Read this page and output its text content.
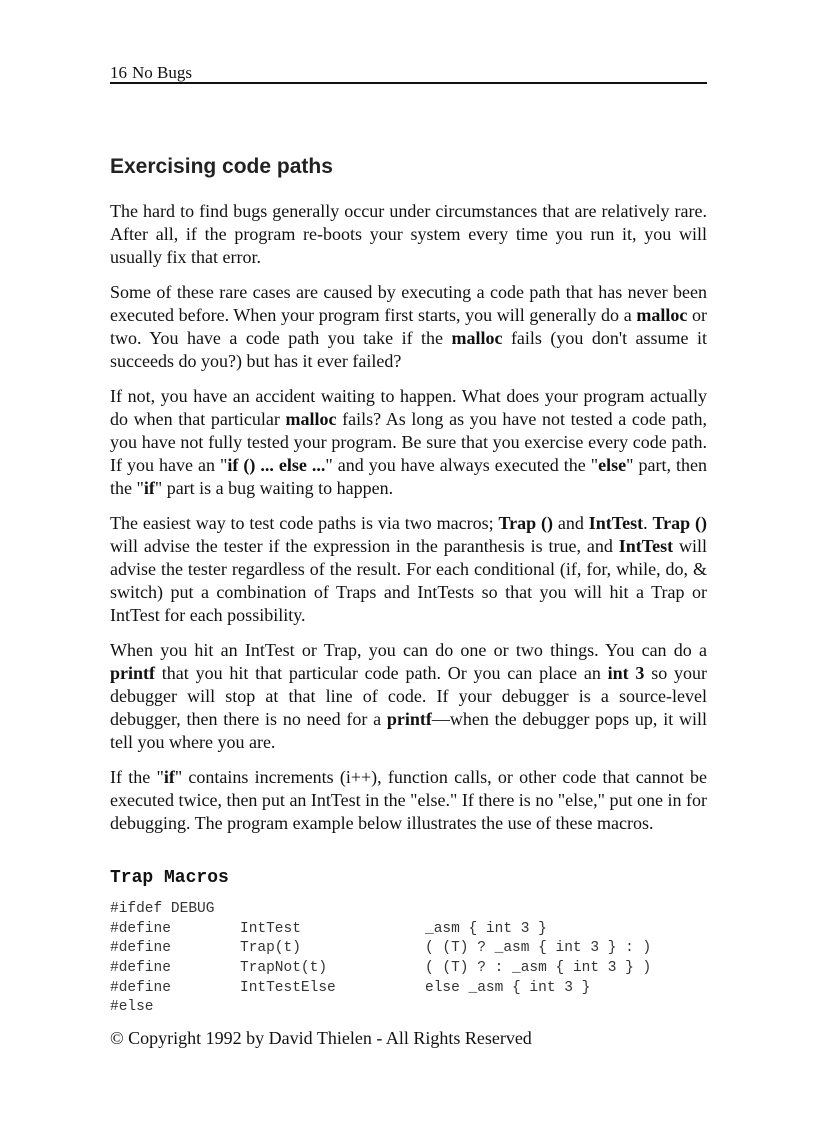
16 No Bugs
Exercising code paths

The hard to find bugs generally occur under circumstances that are relatively rare. After all, if the program re-boots your system every time you run it, you will usually fix that error.

Some of these rare cases are caused by executing a code path that has never been executed before. When your program first starts, you will generally do a malloc or two. You have a code path you take if the malloc fails (you don't assume it succeeds do you?) but has it ever failed?

If not, you have an accident waiting to happen. What does your program actually do when that particular malloc fails? As long as you have not tested a code path, you have not fully tested your program. Be sure that you exercise every code path. If you have an "if () ... else ..." and you have always executed the "else" part, then the "if" part is a bug waiting to happen.

The easiest way to test code paths is via two macros; Trap () and IntTest. Trap () will advise the tester if the expression in the paranthesis is true, and IntTest will advise the tester regardless of the result. For each conditional (if, for, while, do, & switch) put a combination of Traps and IntTests so that you will hit a Trap or IntTest for each possibility.

When you hit an IntTest or Trap, you can do one or two things. You can do a printf that you hit that particular code path. Or you can place an int 3 so your debugger will stop at that line of code. If your debugger is a source-level debugger, then there is no need for a printf—when the debugger pops up, it will tell you where you are.

If the "if" contains increments (i++), function calls, or other code that cannot be executed twice, then put an IntTest in the "else." If there is no "else," put one in for debugging. The program example below illustrates the use of these macros.

Trap Macros
#ifdef DEBUG
#define	IntTest	_asm { int 3 }
#define	Trap(t)	( (T) ? _asm { int 3 } : )
#define	TrapNot(t)	( (T) ? : _asm { int 3 } )
#define	IntTestElse	else _asm { int 3 }
#else
© Copyright 1992 by David Thielen - All Rights Reserved
